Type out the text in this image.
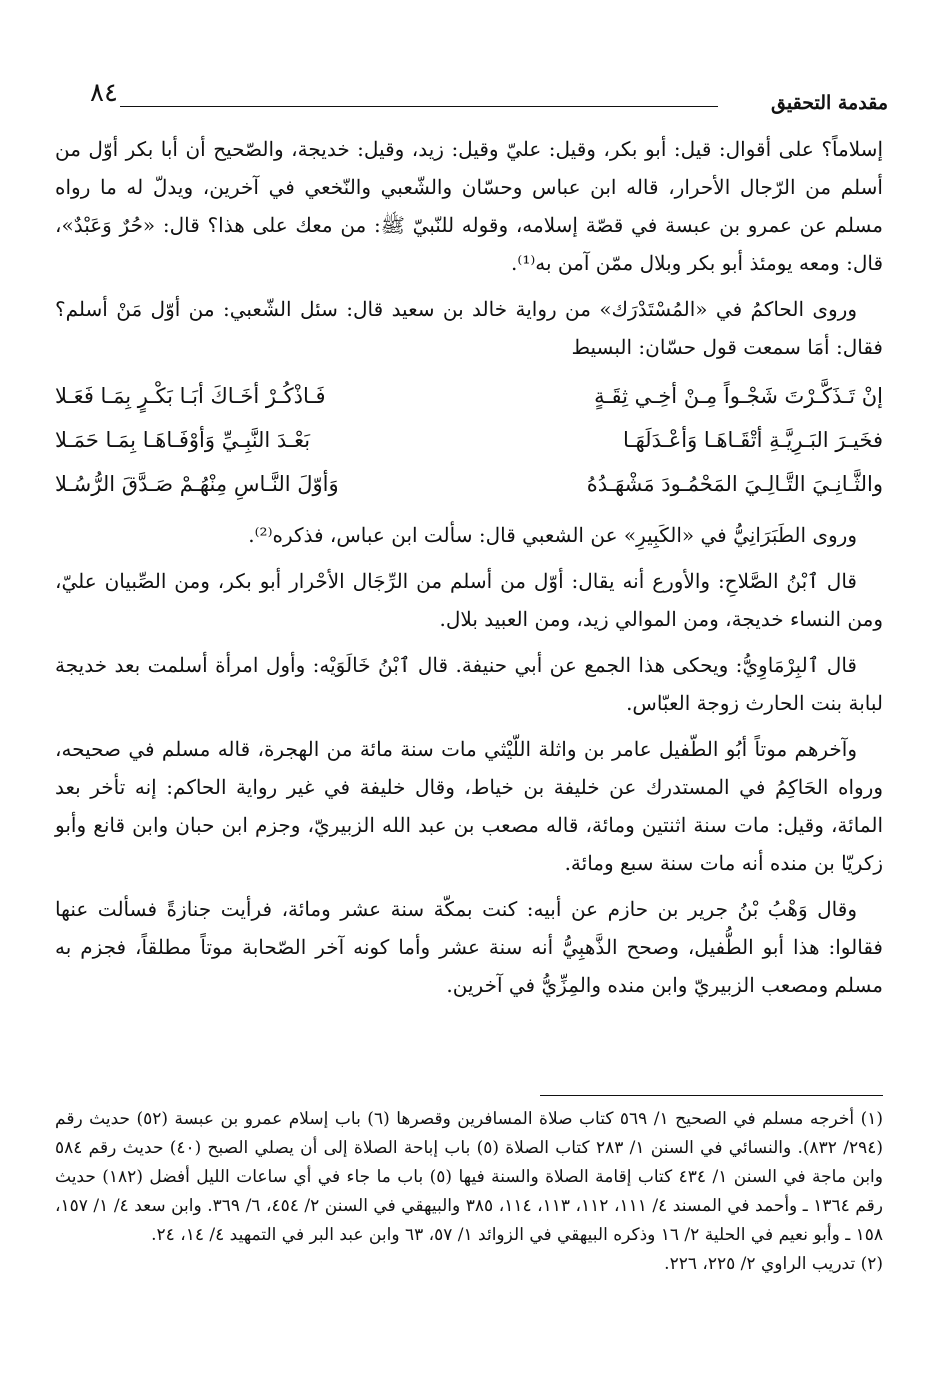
٨٤	مقدمة التحقيق

إسلاماً؟ على أقوال: قيل: أبو بكر، وقيل: عليّ وقيل: زيد، وقيل: خديجة، والصّحيح أن أبا بكر أوّل من أسلم من الرّجال الأحرار، قاله ابن عباس وحسّان والشّعبي والنّخعي في آخرين، ويدلّ له ما رواه مسلم عن عمرو بن عبسة في قصّة إسلامه، وقوله للنّبيّ ﷺ: من معك على هذا؟ قال: «حُرٌ وَعَبْدٌ»، قال: ومعه يومئذ أبو بكر وبلال ممّن آمن به⁽¹⁾.

وروى الحاكمُ في «المُسْتَدْرَك» من رواية خالد بن سعيد قال: سئل الشّعبي: من أوّل مَنْ أسلم؟ فقال: أمَا سمعت قول حسّان: البسيط

إنْ تَـذَكَّـرْتَ شَجْـواً مِـنْ أخِـي ثِقَـةٍ
فَـاذْكُـرْ أخَـاكَ أبَـا بَكْـرٍ بِمَـا فَعَـلا
فخَيـرَ البَـرِيَّـةِ أتْقَـاهَـا وَأعْـدَلَهَـا
بَعْـدَ النَّبِـيِّ وَأوْفَـاهَـا بِمَـا حَمَـلا
والثَّـانِـيَ التَّـالِـيَ المَحْمُـودَ مَشْهَـدُهُ
وَأوّلَ النَّـاسِ مِنْهُـمْ صَـدَّقَ الرُّسُـلا

وروى الطَبَرَانِيُّ في «الكَبِيرِ» عن الشعبي قال: سألت ابن عباس، فذكره⁽²⁾.

قال ٱبْنُ الصَّلاحِ: والأورع أنه يقال: أوّل من أسلم من الرِّجَال الأحْرار أبو بكر، ومن الصِّبيان عليّ، ومن النساء خديجة، ومن الموالي زيد، ومن العبيد بلال.

قال ٱلبِرْمَاوِيُّ: ويحكى هذا الجمع عن أبي حنيفة. قال ٱبْنُ خَالَوَيْه: وأول امرأة أسلمت بعد خديجة لبابة بنت الحارث زوجة العبّاس.

وآخرهم موتاً أبُو الطّفيل عامر بن واثلة اللّيْثي مات سنة مائة من الهجرة، قاله مسلم في صحيحه، ورواه الحَاكِمُ في المستدرك عن خليفة بن خياط، وقال خليفة في غير رواية الحاكم: إنه تأخر بعد المائة، وقيل: مات سنة اثنتين ومائة، قاله مصعب بن عبد الله الزبيريّ، وجزم ابن حبان وابن قانع وأبو زكريّا بن منده أنه مات سنة سبع ومائة.

وقال وَهْبُ بْنُ جرير بن حازم عن أبيه: كنت بمكّة سنة عشر ومائة، فرأيت جنازةً فسألت عنها فقالوا: هذا أبو الطُّفيل، وصحح الذَّهبِيُّ أنه سنة عشر وأما كونه آخر الصّحابة موتاً مطلقاً، فجزم به مسلم ومصعب الزبيريّ وابن منده والمِزِّيُّ في آخرين.

(١) أخرجه مسلم في الصحيح ١/ ٥٦٩ كتاب صلاة المسافرين وقصرها (٦) باب إسلام عمرو بن عبسة (٥٢) حديث رقم (٢٩٤/ ٨٣٢). والنسائي في السنن ١/ ٢٨٣ كتاب الصلاة (٥) باب إباحة الصلاة إلى أن يصلي الصبح (٤٠) حديث رقم ٥٨٤ وابن ماجة في السنن ١/ ٤٣٤ كتاب إقامة الصلاة والسنة فيها (٥) باب ما جاء في أي ساعات الليل أفضل (١٨٢) حديث رقم ١٣٦٤ ـ وأحمد في المسند ٤/ ١١١، ١١٢، ١١٣، ١١٤، ٣٨٥ والبيهقي في السنن ٢/ ٤٥٤، ٦/ ٣٦٩. وابن سعد ٤/ ١/ ١٥٧، ١٥٨ ـ وأبو نعيم في الحلية ٢/ ١٦ وذكره البيهقي في الزوائد ١/ ٥٧، ٦٣ وابن عبد البر في التمهيد ٤/ ١٤، ٢٤.

(٢) تدريب الراوي ٢/ ٢٢٥، ٢٢٦.
